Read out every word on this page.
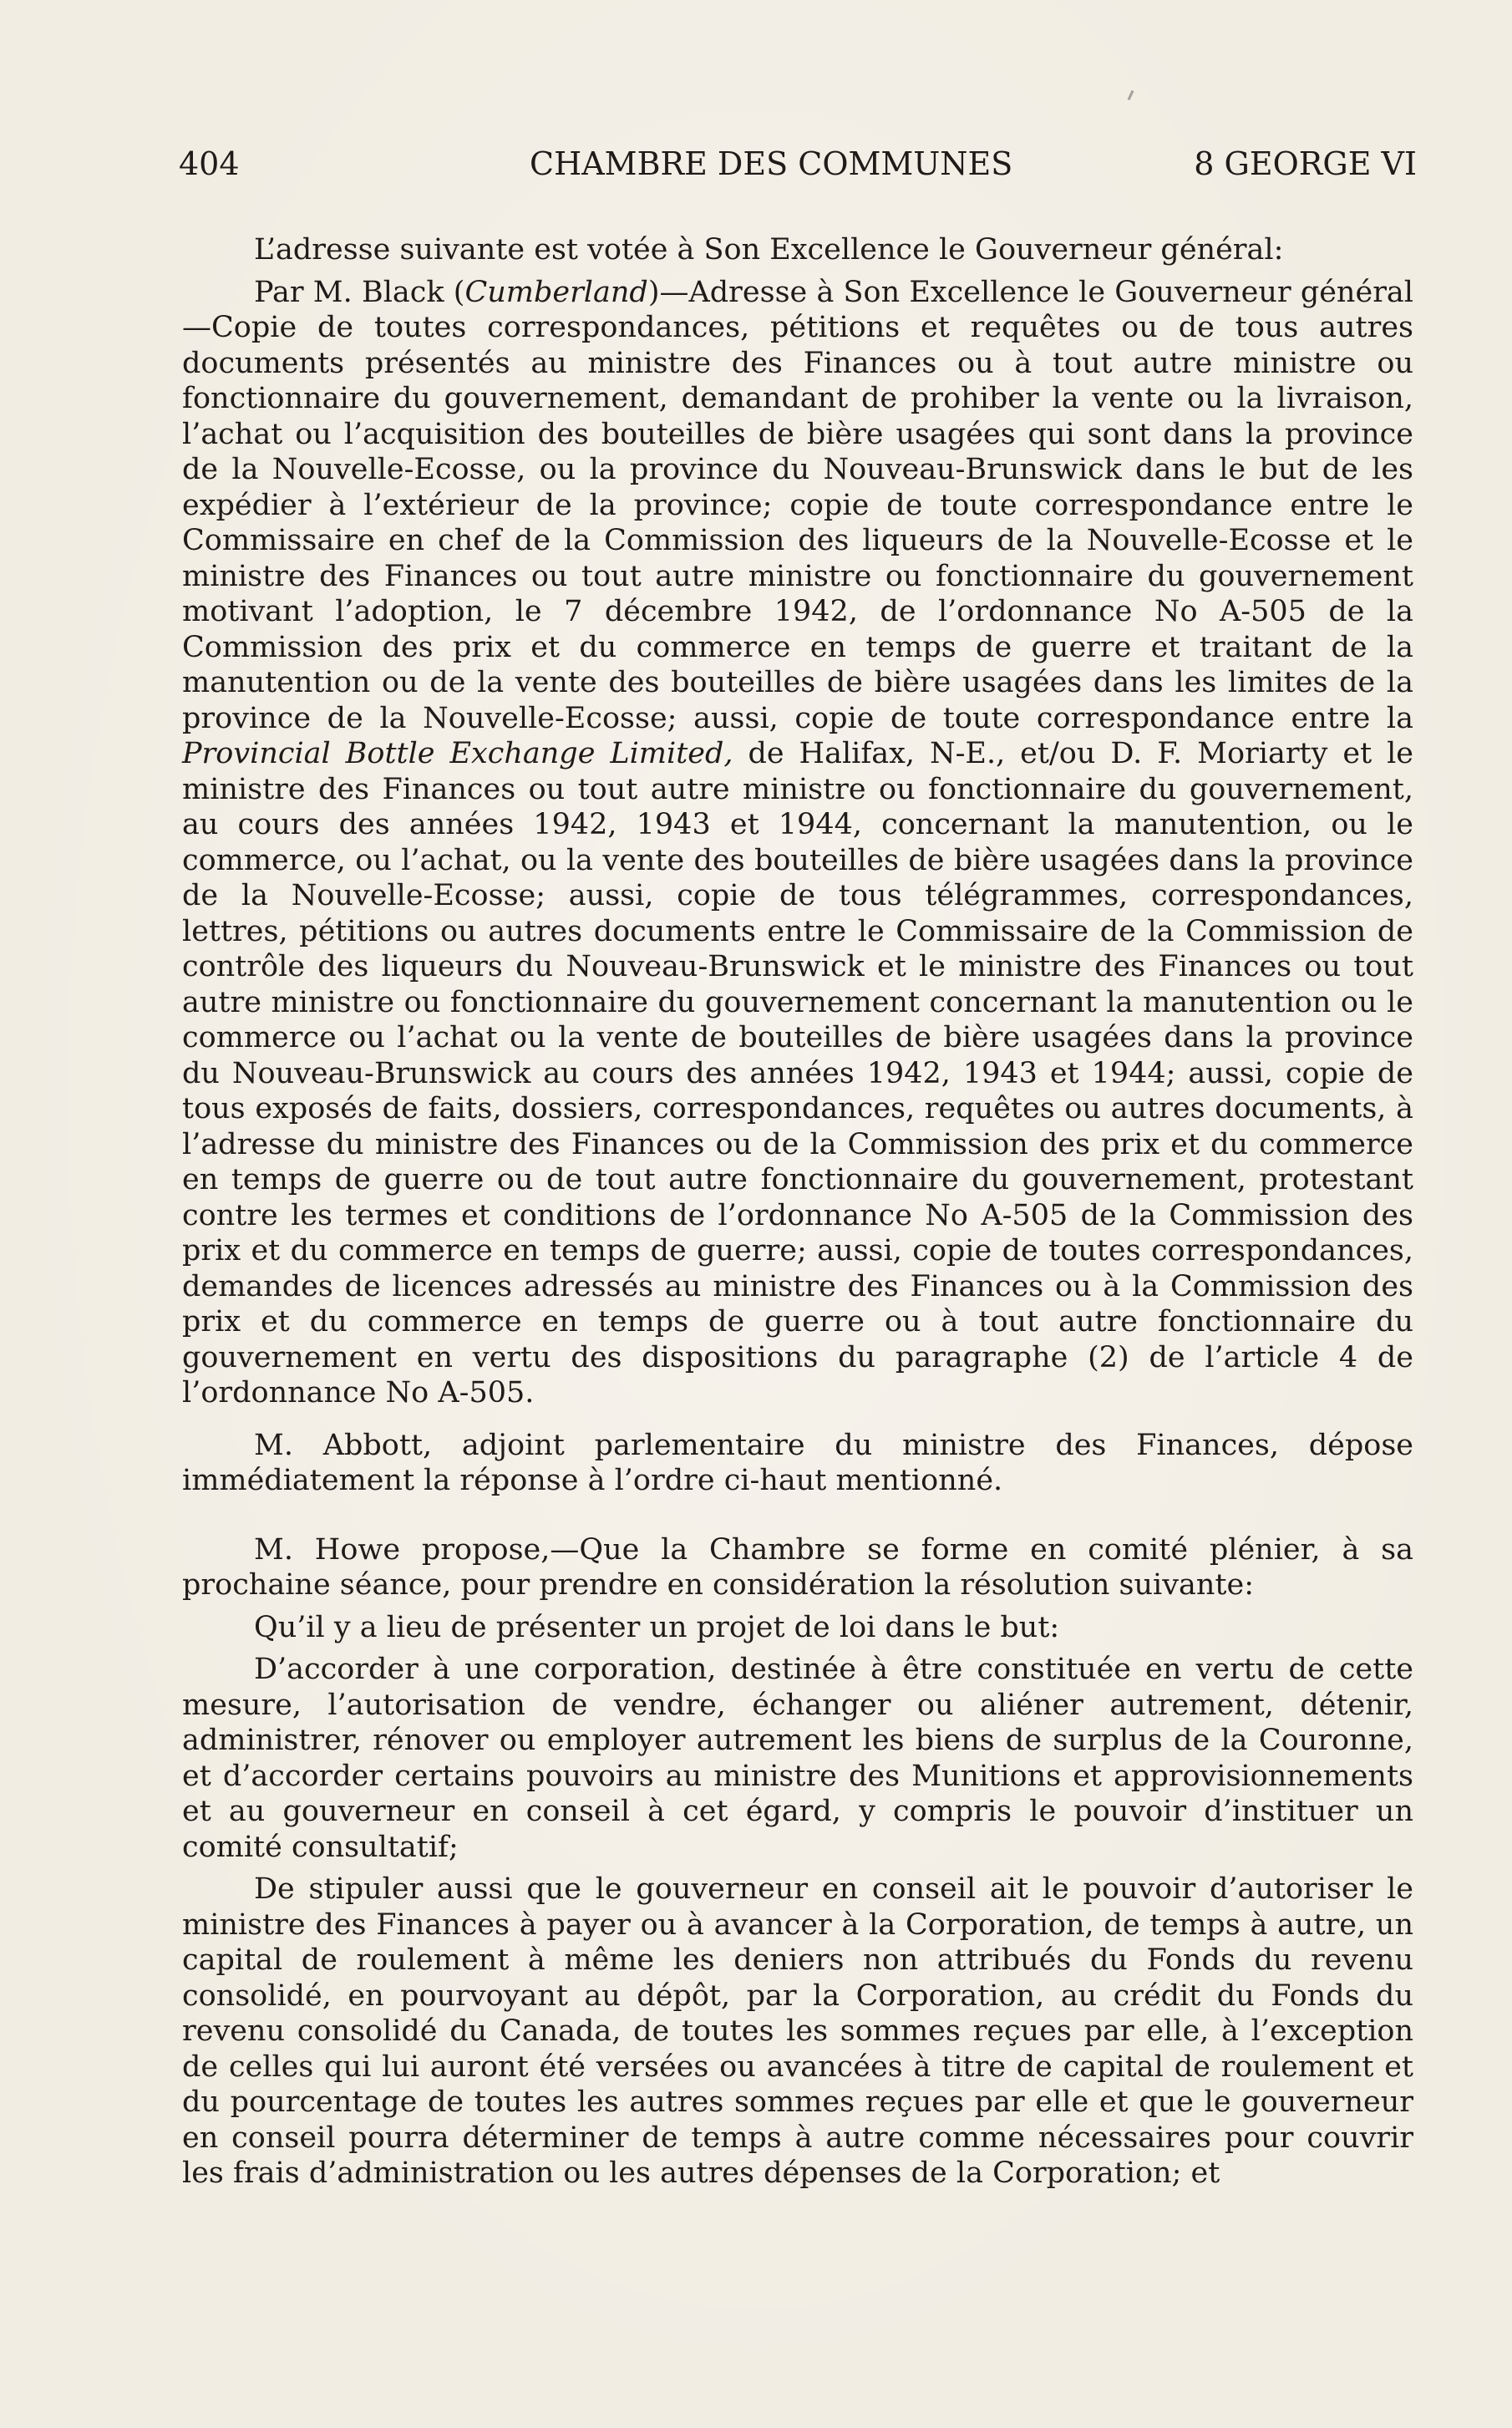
404	CHAMBRE DES COMMUNES	8 GEORGE VI

L’adresse suivante est votée à Son Excellence le Gouverneur général:

Par M. Black (Cumberland)—Adresse à Son Excellence le Gouverneur général—Copie de toutes correspondances, pétitions et requêtes ou de tous autres documents présentés au ministre des Finances ou à tout autre ministre ou fonctionnaire du gouvernement, demandant de prohiber la vente ou la livraison, l’achat ou l’acquisition des bouteilles de bière usagées qui sont dans la province de la Nouvelle-Ecosse, ou la province du Nouveau-Brunswick dans le but de les expédier à l’extérieur de la province; copie de toute correspondance entre le Commissaire en chef de la Commission des liqueurs de la Nouvelle-Ecosse et le ministre des Finances ou tout autre ministre ou fonctionnaire du gouvernement motivant l’adoption, le 7 décembre 1942, de l’ordonnance No A-505 de la Commission des prix et du commerce en temps de guerre et traitant de la manutention ou de la vente des bouteilles de bière usagées dans les limites de la province de la Nouvelle-Ecosse; aussi, copie de toute correspondance entre la Provincial Bottle Exchange Limited, de Halifax, N-E., et/ou D. F. Moriarty et le ministre des Finances ou tout autre ministre ou fonctionnaire du gouvernement, au cours des années 1942, 1943 et 1944, concernant la manutention, ou le commerce, ou l’achat, ou la vente des bouteilles de bière usagées dans la province de la Nouvelle-Ecosse; aussi, copie de tous télégrammes, correspondances, lettres, pétitions ou autres documents entre le Commissaire de la Commission de contrôle des liqueurs du Nouveau-Brunswick et le ministre des Finances ou tout autre ministre ou fonctionnaire du gouvernement concernant la manutention ou le commerce ou l’achat ou la vente de bouteilles de bière usagées dans la province du Nouveau-Brunswick au cours des années 1942, 1943 et 1944; aussi, copie de tous exposés de faits, dossiers, correspondances, requêtes ou autres documents, à l’adresse du ministre des Finances ou de la Commission des prix et du commerce en temps de guerre ou de tout autre fonctionnaire du gouvernement, protestant contre les termes et conditions de l’ordonnance No A-505 de la Commission des prix et du commerce en temps de guerre; aussi, copie de toutes correspondances, demandes de licences adressés au ministre des Finances ou à la Commission des prix et du commerce en temps de guerre ou à tout autre fonctionnaire du gouvernement en vertu des dispositions du paragraphe (2) de l’article 4 de l’ordonnance No A-505.

M. Abbott, adjoint parlementaire du ministre des Finances, dépose immédiatement la réponse à l’ordre ci-haut mentionné.

M. Howe propose,—Que la Chambre se forme en comité plénier, à sa prochaine séance, pour prendre en considération la résolution suivante:

Qu’il y a lieu de présenter un projet de loi dans le but:

D’accorder à une corporation, destinée à être constituée en vertu de cette mesure, l’autorisation de vendre, échanger ou aliéner autrement, détenir, administrer, rénover ou employer autrement les biens de surplus de la Couronne, et d’accorder certains pouvoirs au ministre des Munitions et approvisionnements et au gouverneur en conseil à cet égard, y compris le pouvoir d’instituer un comité consultatif;

De stipuler aussi que le gouverneur en conseil ait le pouvoir d’autoriser le ministre des Finances à payer ou à avancer à la Corporation, de temps à autre, un capital de roulement à même les deniers non attribués du Fonds du revenu consolidé, en pourvoyant au dépôt, par la Corporation, au crédit du Fonds du revenu consolidé du Canada, de toutes les sommes reçues par elle, à l’exception de celles qui lui auront été versées ou avancées à titre de capital de roulement et du pourcentage de toutes les autres sommes reçues par elle et que le gouverneur en conseil pourra déterminer de temps à autre comme nécessaires pour couvrir les frais d’administration ou les autres dépenses de la Corporation; et
